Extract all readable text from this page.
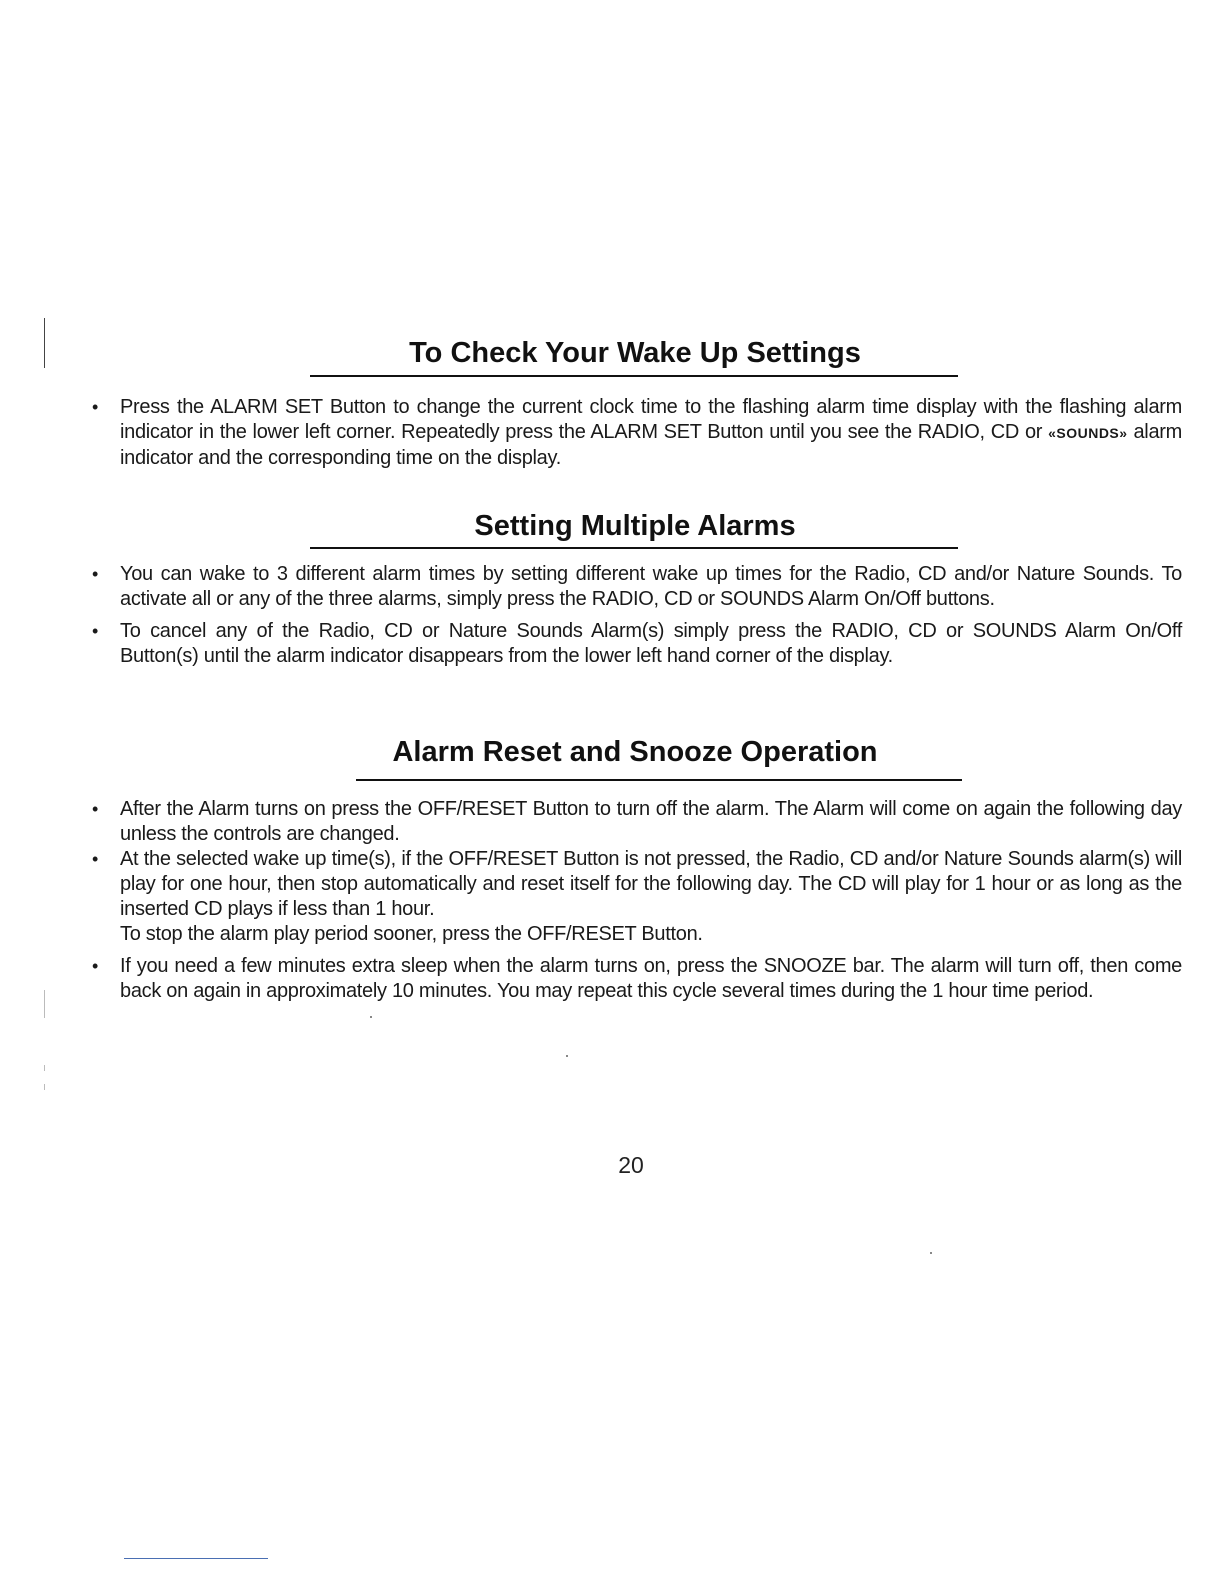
To Check Your Wake Up Settings
• Press the ALARM SET Button to change the current clock time to the flashing alarm time display with the flashing alarm indicator in the lower left corner. Repeatedly press the ALARM SET Button until you see the RADIO, CD or «SOUNDS» alarm indicator and the corresponding time on the display.
Setting Multiple Alarms
• You can wake to 3 different alarm times by setting different wake up times for the Radio, CD and/or Nature Sounds. To activate all or any of the three alarms, simply press the RADIO, CD or SOUNDS Alarm On/Off buttons.
• To cancel any of the Radio, CD or Nature Sounds Alarm(s) simply press the RADIO, CD or SOUNDS Alarm On/Off Button(s) until the alarm indicator disappears from the lower left hand corner of the display.
Alarm Reset and Snooze Operation
• After the Alarm turns on press the OFF/RESET Button to turn off the alarm. The Alarm will come on again the following day unless the controls are changed.
• At the selected wake up time(s), if the OFF/RESET Button is not pressed, the Radio, CD and/or Nature Sounds alarm(s) will play for one hour, then stop automatically and reset itself for the following day. The CD will play for 1 hour or as long as the inserted CD plays if less than 1 hour.
To stop the alarm play period sooner, press the OFF/RESET Button.
• If you need a few minutes extra sleep when the alarm turns on, press the SNOOZE bar. The alarm will turn off, then come back on again in approximately 10 minutes. You may repeat this cycle several times during the 1 hour time period.
20
